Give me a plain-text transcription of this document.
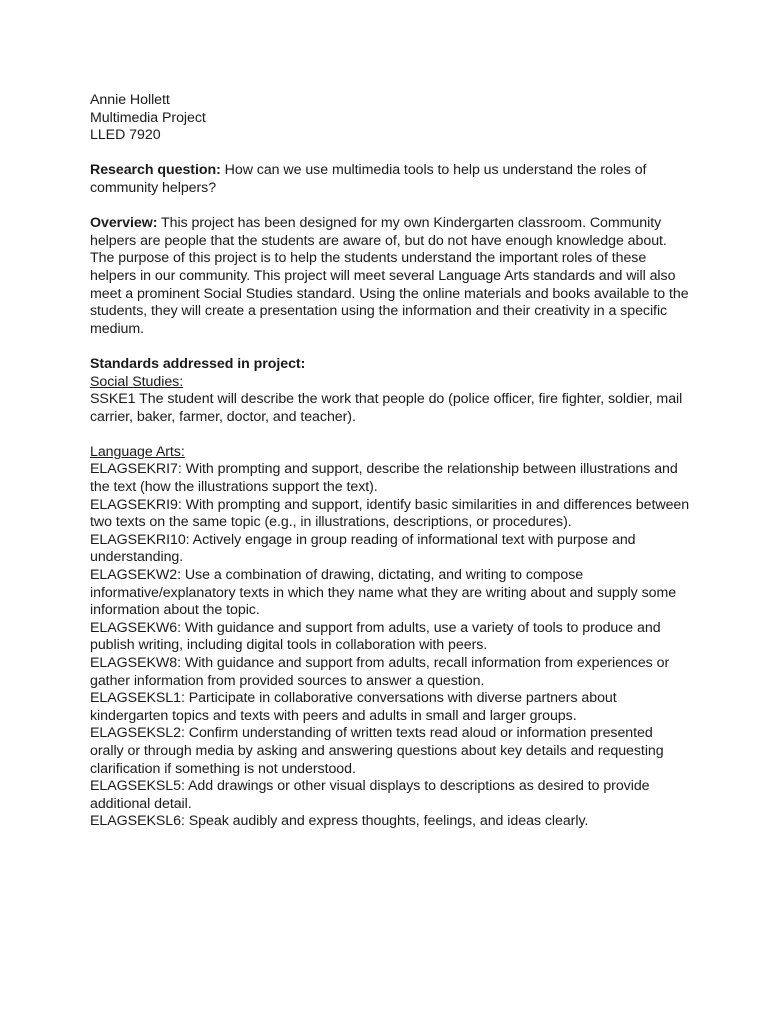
Annie Hollett
Multimedia Project
LLED 7920

Research question: How can we use multimedia tools to help us understand the roles of community helpers?

Overview: This project has been designed for my own Kindergarten classroom. Community helpers are people that the students are aware of, but do not have enough knowledge about. The purpose of this project is to help the students understand the important roles of these helpers in our community. This project will meet several Language Arts standards and will also meet a prominent Social Studies standard. Using the online materials and books available to the students, they will create a presentation using the information and their creativity in a specific medium.

Standards addressed in project:
Social Studies:
SSKE1 The student will describe the work that people do (police officer, fire fighter, soldier, mail carrier, baker, farmer, doctor, and teacher).
Language Arts:
ELAGSEKRI7: With prompting and support, describe the relationship between illustrations and the text (how the illustrations support the text).
ELAGSEKRI9: With prompting and support, identify basic similarities in and differences between two texts on the same topic (e.g., in illustrations, descriptions, or procedures).
ELAGSEKRI10: Actively engage in group reading of informational text with purpose and understanding.
ELAGSEKW2: Use a combination of drawing, dictating, and writing to compose informative/explanatory texts in which they name what they are writing about and supply some information about the topic.
ELAGSEKW6: With guidance and support from adults, use a variety of tools to produce and publish writing, including digital tools in collaboration with peers.
ELAGSEKW8: With guidance and support from adults, recall information from experiences or gather information from provided sources to answer a question.
ELAGSEKSL1: Participate in collaborative conversations with diverse partners about kindergarten topics and texts with peers and adults in small and larger groups.
ELAGSEKSL2: Confirm understanding of written texts read aloud or information presented orally or through media by asking and answering questions about key details and requesting clarification if something is not understood.
ELAGSEKSL5: Add drawings or other visual displays to descriptions as desired to provide additional detail.
ELAGSEKSL6: Speak audibly and express thoughts, feelings, and ideas clearly.
